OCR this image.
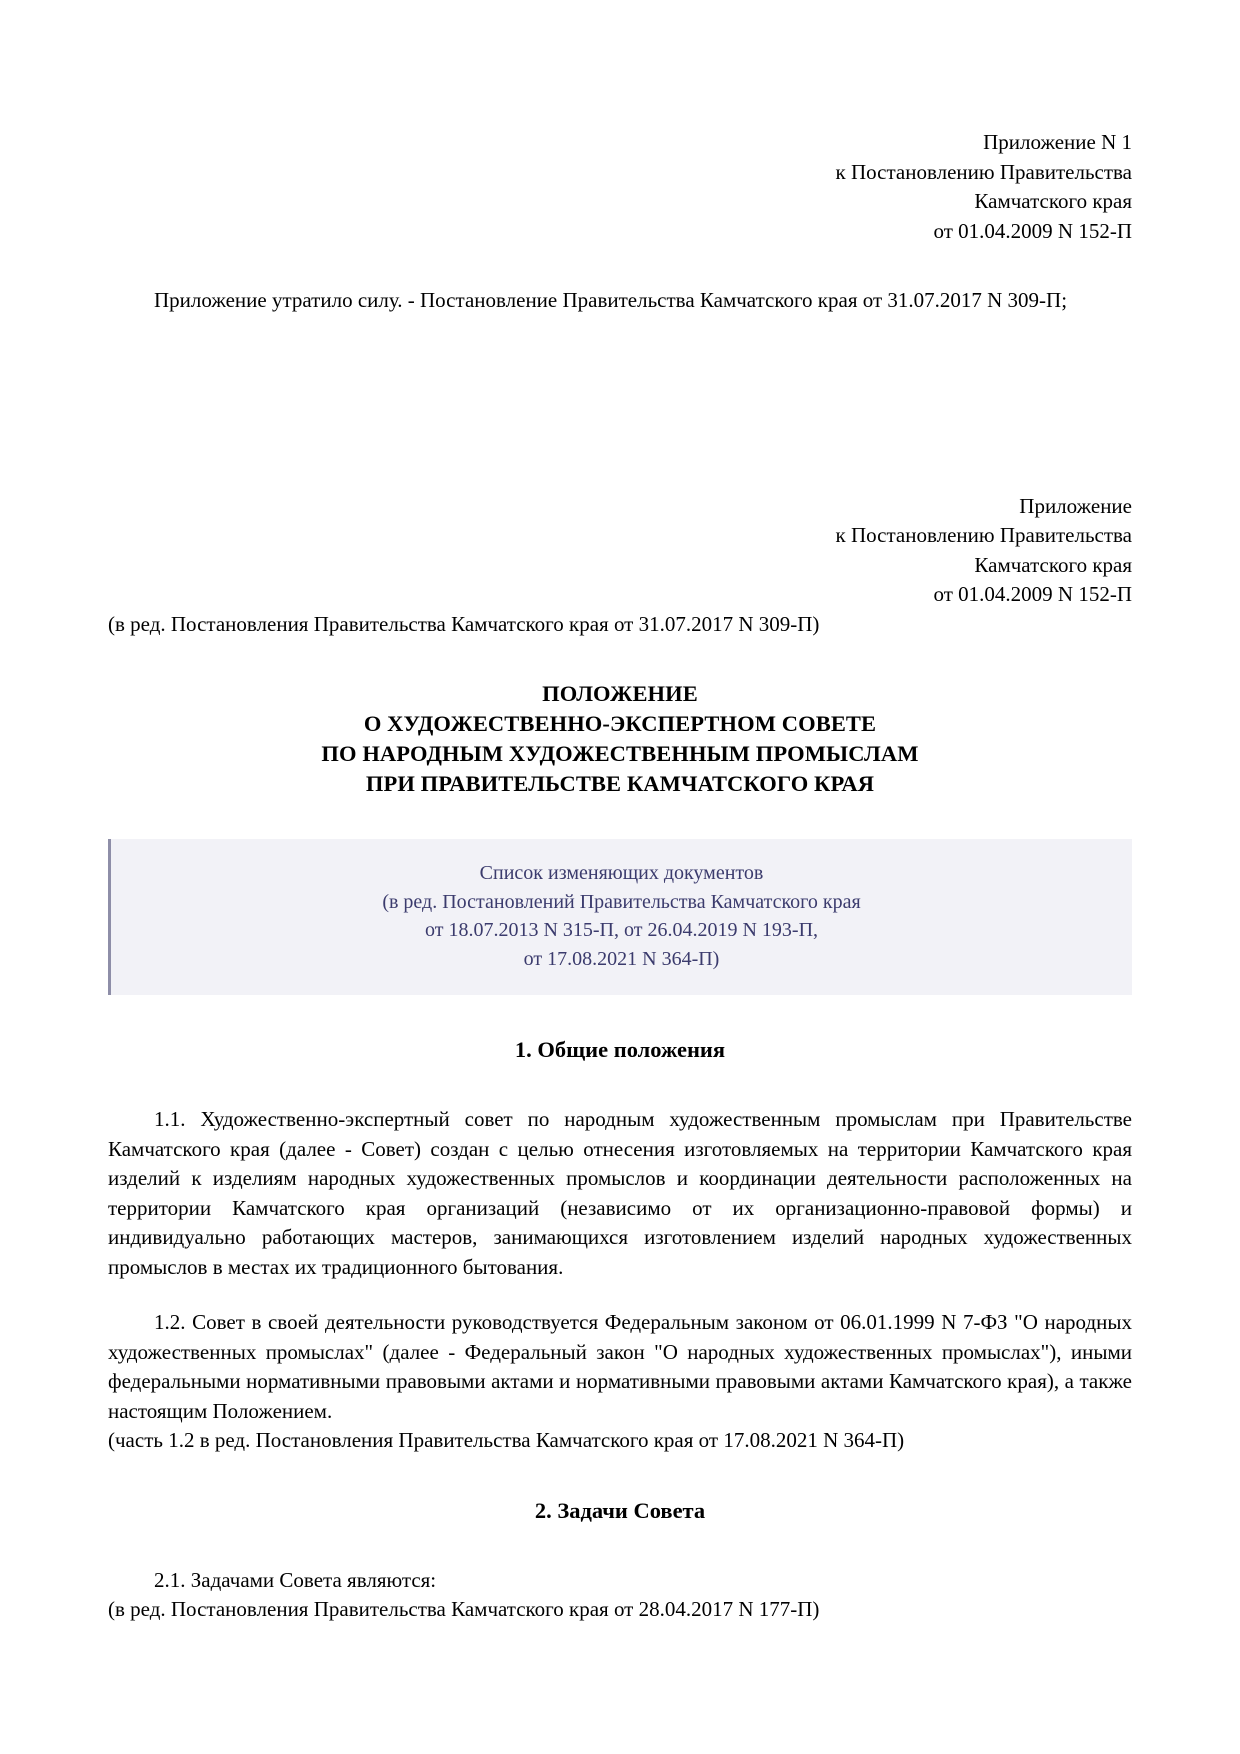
Приложение N 1
к Постановлению Правительства
Камчатского края
от 01.04.2009 N 152-П

Приложение утратило силу. - Постановление Правительства Камчатского края от 31.07.2017 N 309-П;

Приложение
к Постановлению Правительства
Камчатского края
от 01.04.2009 N 152-П

(в ред. Постановления Правительства Камчатского края от 31.07.2017 N 309-П)

ПОЛОЖЕНИЕ
О ХУДОЖЕСТВЕННО-ЭКСПЕРТНОМ СОВЕТЕ
ПО НАРОДНЫМ ХУДОЖЕСТВЕННЫМ ПРОМЫСЛАМ
ПРИ ПРАВИТЕЛЬСТВЕ КАМЧАТСКОГО КРАЯ
Список изменяющих документов
(в ред. Постановлений Правительства Камчатского края
от 18.07.2013 N 315-П, от 26.04.2019 N 193-П,
от 17.08.2021 N 364-П)

1. Общие положения

1.1. Художественно-экспертный совет по народным художественным промыслам при Правительстве Камчатского края (далее - Совет) создан с целью отнесения изготовляемых на территории Камчатского края изделий к изделиям народных художественных промыслов и координации деятельности расположенных на территории Камчатского края организаций (независимо от их организационно-правовой формы) и индивидуально работающих мастеров, занимающихся изготовлением изделий народных художественных промыслов в местах их традиционного бытования.

1.2. Совет в своей деятельности руководствуется Федеральным законом от 06.01.1999 N 7-ФЗ "О народных художественных промыслах" (далее - Федеральный закон "О народных художественных промыслах"), иными федеральными нормативными правовыми актами и нормативными правовыми актами Камчатского края), а также настоящим Положением.

(часть 1.2 в ред. Постановления Правительства Камчатского края от 17.08.2021 N 364-П)

2. Задачи Совета

2.1. Задачами Совета являются:

(в ред. Постановления Правительства Камчатского края от 28.04.2017 N 177-П)
